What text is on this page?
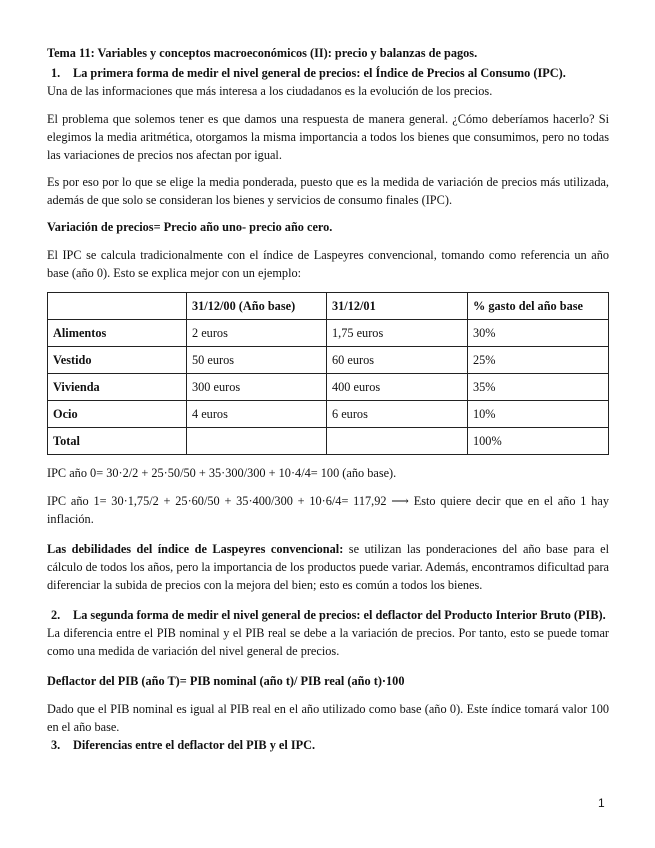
Tema 11: Variables y conceptos macroeconómicos (II): precio y balanzas de pagos.

1.	La primera forma de medir el nivel general de precios: el Índice de Precios al Consumo (IPC).

Una de las informaciones que más interesa a los ciudadanos es la evolución de los precios.

El problema que solemos tener es que damos una respuesta de manera general. ¿Cómo deberíamos hacerlo? Si elegimos la media aritmética, otorgamos la misma importancia a todos los bienes que consumimos, pero no todas las variaciones de precios nos afectan por igual.

Es por eso por lo que se elige la media ponderada, puesto que es la medida de variación de precios más utilizada, además de que solo se consideran los bienes y servicios de consumo finales (IPC).

Variación de precios= Precio año uno- precio año cero.

El IPC se calcula tradicionalmente con el índice de Laspeyres convencional, tomando como referencia un año base (año 0). Esto se explica mejor con un ejemplo:

	31/12/00 (Año base)	31/12/01	% gasto del año base
Alimentos	2 euros	1,75 euros	30%
Vestido	50 euros	60 euros	25%
Vivienda	300 euros	400 euros	35%
Ocio	4 euros	6 euros	10%
Total			100%

IPC año 0= 30·2/2 + 25·50/50 + 35·300/300 + 10·4/4= 100 (año base).

IPC año 1= 30·1,75/2 + 25·60/50 + 35·400/300 + 10·6/4= 117,92 ⟶ Esto quiere decir que en el año 1 hay inflación.

Las debilidades del índice de Laspeyres convencional: se utilizan las ponderaciones del año base para el cálculo de todos los años, pero la importancia de los productos puede variar. Además, encontramos dificultad para diferenciar la subida de precios con la mejora del bien; esto es común a todos los bienes.

2.	La segunda forma de medir el nivel general de precios: el deflactor del Producto Interior Bruto (PIB).

La diferencia entre el PIB nominal y el PIB real se debe a la variación de precios. Por tanto, esto se puede tomar como una medida de variación del nivel general de precios.

Deflactor del PIB (año T)= PIB nominal (año t)/ PIB real (año t)·100

Dado que el PIB nominal es igual al PIB real en el año utilizado como base (año 0). Este índice tomará valor 100 en el año base.

3.	Diferencias entre el deflactor del PIB y el IPC.
1
